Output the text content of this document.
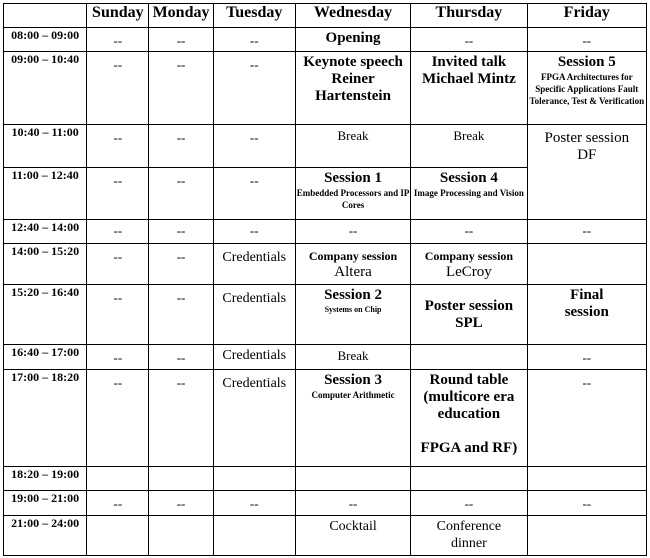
	Sunday	Monday	Tuesday	Wednesday	Thursday	Friday
08:00 – 09:00	--	--	--	Opening	--	--

09:00 – 10:40	--	--	--	Keynote speech
Reiner
Hartenstein	Invited talk
Michael Mintz	Session 5
FPGA Architectures for Specific Applications Fault Tolerance, Test & Verification

10:40 – 11:00	--	--	--	Break	Break	Poster session
DF

11:00 – 12:40	--	--	--	Session 1
Embedded Processors and IP Cores	Session 4
Image Processing and Vision	

12:40 – 14:00	--	--	--	--	--	--

14:00 – 15:20	--	--	Credentials	Company session
Altera	Company session
LeCroy	

15:20 – 16:40	--	--	Credentials	Session 2
Systems on Chip	Poster session
SPL	Final
session

16:40 – 17:00	--	--	Credentials	Break		--

17:00 – 18:20	--	--	Credentials	Session 3
Computer Arithmetic	Round table
(multicore era
education
FPGA and RF)	--

18:20 – 19:00						
19:00 – 21:00	--	--	--	--	--	--

21:00 – 24:00				Cocktail	Conference
dinner	
